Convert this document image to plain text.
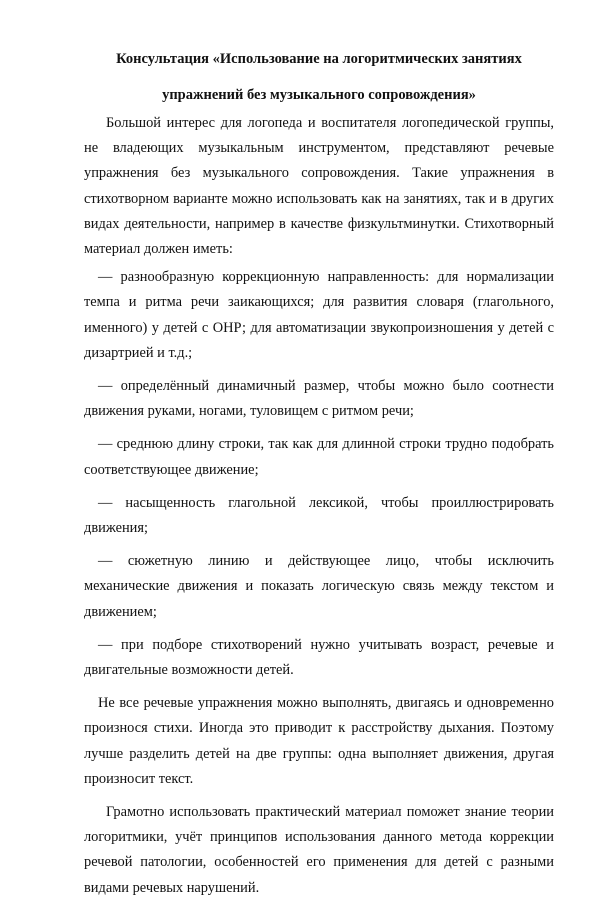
Консультация «Использование на логоритмических занятиях
упражнений без музыкального сопровождения»

Большой интерес для логопеда и воспитателя логопедической группы, не владеющих музыкальным инструментом, представляют речевые упражнения без музыкального сопровождения. Такие упражнения в стихотворном варианте можно использовать как на занятиях, так и в других видах деятельности, например в качестве физкультминутки. Стихотворный материал должен иметь:

— разнообразную коррекционную направленность: для нормализации темпа и ритма речи заикающихся; для развития словаря (глагольного, именного) у детей с ОНР; для автоматизации звукопроизношения у детей с дизартрией и т.д.;

— определённый динамичный размер, чтобы можно было соотнести движения руками, ногами, туловищем с ритмом речи;

— среднюю длину строки, так как для длинной строки трудно подобрать соответствующее движение;

— насыщенность глагольной лексикой, чтобы проиллюстрировать движения;

— сюжетную линию и действующее лицо, чтобы исключить механические движения и показать логическую связь между текстом и движением;

— при подборе стихотворений нужно учитывать возраст, речевые и двигательные возможности детей.

Не все речевые упражнения можно выполнять, двигаясь и одновременно произнося стихи. Иногда это приводит к расстройству дыхания. Поэтому лучше разделить детей на две группы: одна выполняет движения, другая произносит текст.

Грамотно использовать практический материал поможет знание теории логоритмики, учёт принципов использования данного метода коррекции речевой патологии, особенностей его применения для детей с разными видами речевых нарушений.
